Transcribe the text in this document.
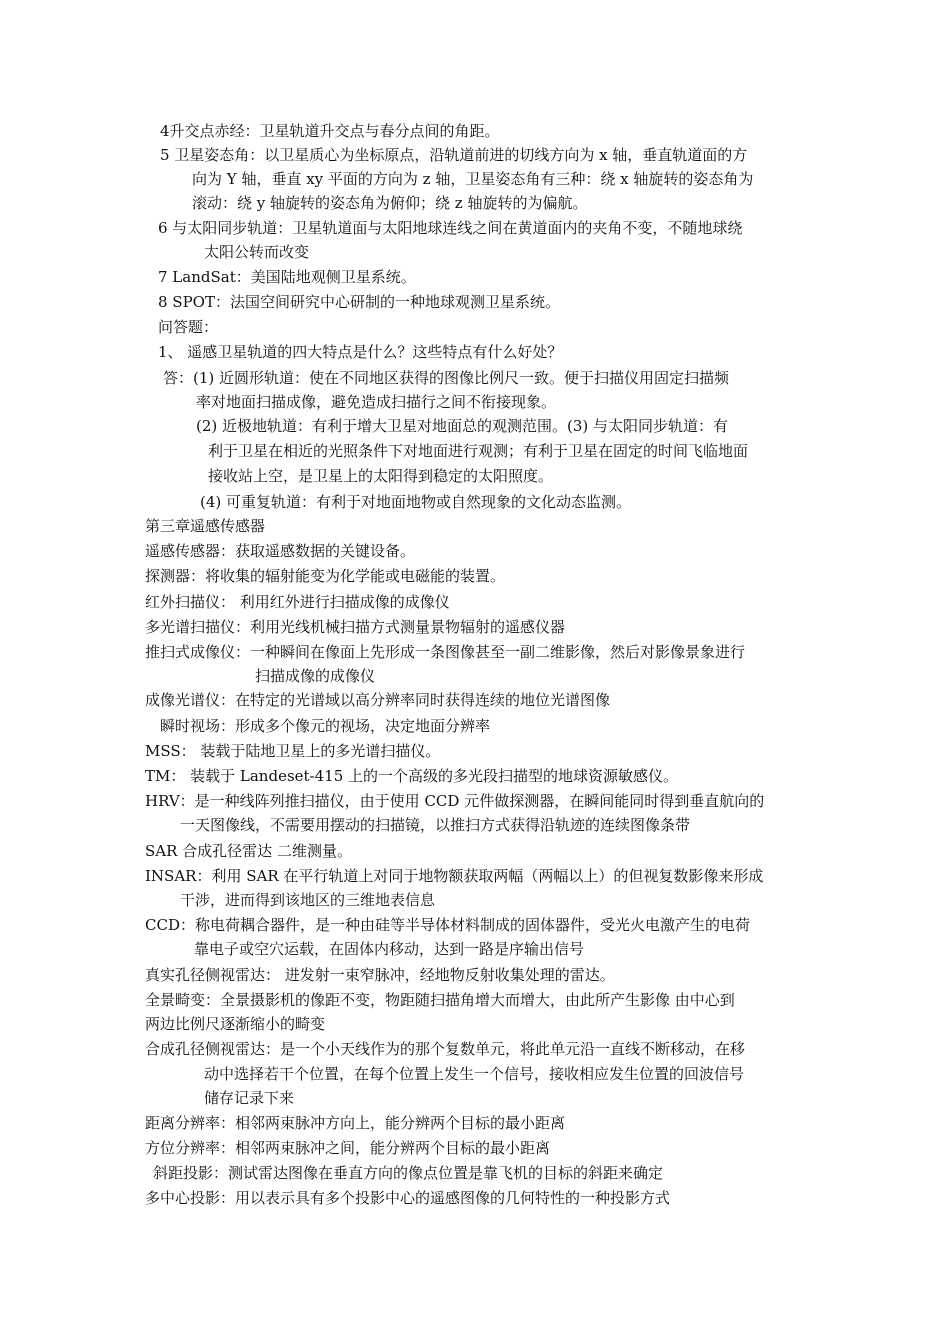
4升交点赤经：卫星轨道升交点与春分点间的角距。
5 卫星姿态角：以卫星质心为坐标原点，沿轨道前进的切线方向为 x 轴，垂直轨道面的方
向为 Y 轴，垂直 xy 平面的方向为 z 轴，卫星姿态角有三种：绕 x 轴旋转的姿态角为
滚动：绕 y 轴旋转的姿态角为俯仰；绕 z 轴旋转的为偏航。
6 与太阳同步轨道：卫星轨道面与太阳地球连线之间在黄道面内的夹角不变，不随地球绕
太阳公转而改变
7 LandSat：美国陆地观侧卫星系统。
8 SPOT：法国空间研究中心研制的一种地球观测卫星系统。
问答题：
1、 遥感卫星轨道的四大特点是什么？这些特点有什么好处？
答：(1) 近圆形轨道：使在不同地区获得的图像比例尺一致。便于扫描仪用固定扫描频
率对地面扫描成像，避免造成扫描行之间不衔接现象。
(2) 近极地轨道：有利于增大卫星对地面总的观测范围。(3) 与太阳同步轨道：有
利于卫星在相近的光照条件下对地面进行观测；有利于卫星在固定的时间飞临地面
接收站上空，是卫星上的太阳得到稳定的太阳照度。
(4) 可重复轨道：有利于对地面地物或自然现象的文化动态监测。
第三章遥感传感器
遥感传感器：获取遥感数据的关键设备。
探测器：将收集的辐射能变为化学能或电磁能的装置。
红外扫描仪： 利用红外进行扫描成像的成像仪
多光谱扫描仪：利用光线机械扫描方式测量景物辐射的遥感仪器
推扫式成像仪：一种瞬间在像面上先形成一条图像甚至一副二维影像，然后对影像景象进行
扫描成像的成像仪
成像光谱仪：在特定的光谱域以高分辨率同时获得连续的地位光谱图像
瞬时视场：形成多个像元的视场，决定地面分辨率
MSS： 装载于陆地卫星上的多光谱扫描仪。
TM： 装载于 Landeset-415 上的一个高级的多光段扫描型的地球资源敏感仪。
HRV：是一种线阵列推扫描仪，由于使用 CCD 元件做探测器，在瞬间能同时得到垂直航向的
一天图像线，不需要用摆动的扫描镜，以推扫方式获得沿轨迹的连续图像条带
SAR 合成孔径雷达 二维测量。
INSAR：利用 SAR 在平行轨道上对同于地物额获取两幅（两幅以上）的但视复数影像来形成
干涉，进而得到该地区的三维地表信息
CCD：称电荷耦合器件，是一种由硅等半导体材料制成的固体器件，受光火电激产生的电荷
靠电子或空穴运载，在固体内移动，达到一路是序输出信号
真实孔径侧视雷达： 进发射一束窄脉冲，经地物反射收集处理的雷达。
全景畸变：全景摄影机的像距不变，物距随扫描角增大而增大，由此所产生影像 由中心到
两边比例尺逐渐缩小的畸变
合成孔径侧视雷达：是一个小天线作为的那个复数单元，将此单元沿一直线不断移动，在移
动中选择若干个位置，在每个位置上发生一个信号，接收相应发生位置的回波信号
储存记录下来
距离分辨率：相邻两束脉冲方向上，能分辨两个目标的最小距离
方位分辨率：相邻两束脉冲之间，能分辨两个目标的最小距离
斜距投影：测试雷达图像在垂直方向的像点位置是靠飞机的目标的斜距来确定
多中心投影：用以表示具有多个投影中心的遥感图像的几何特性的一种投影方式
